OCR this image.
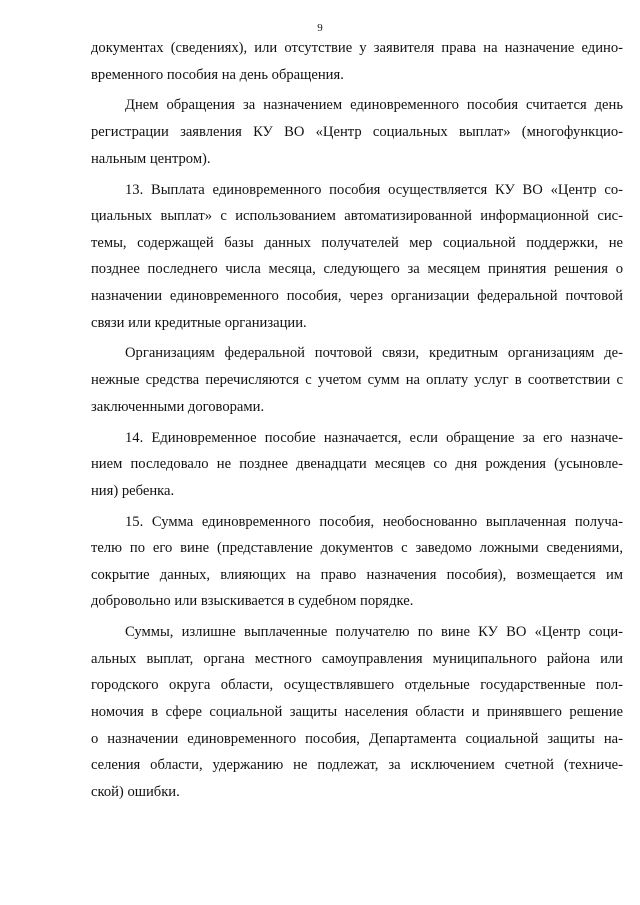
9
документах (сведениях), или отсутствие у заявителя права на назначение едино-
временного пособия на день обращения.
Днем обращения за назначением единовременного пособия считается день
регистрации заявления КУ ВО «Центр социальных выплат» (многофункцио-
нальным центром).
13. Выплата единовременного пособия осуществляется КУ ВО «Центр со-
циальных выплат» с использованием автоматизированной информационной сис-
темы, содержащей базы данных получателей мер социальной поддержки, не
позднее последнего числа месяца, следующего за месяцем принятия решения о
назначении единовременного пособия, через организации федеральной почтовой
связи или кредитные организации.
Организациям федеральной почтовой связи, кредитным организациям де-
нежные средства перечисляются с учетом сумм на оплату услуг в соответствии с
заключенными договорами.
14. Единовременное пособие назначается, если обращение за его назначе-
нием последовало не позднее двенадцати месяцев со дня рождения (усыновле-
ния) ребенка.
15. Сумма единовременного пособия, необоснованно выплаченная получа-
телю по его вине (представление документов с заведомо ложными сведениями,
сокрытие данных, влияющих на право назначения пособия), возмещается им
добровольно или взыскивается в судебном порядке.
Суммы, излишне выплаченные получателю по вине КУ ВО «Центр соци-
альных выплат, органа местного самоуправления муниципального района или
городского округа области, осуществлявшего отдельные государственные пол-
номочия в сфере социальной защиты населения области и принявшего решение
о назначении единовременного пособия, Департамента социальной защиты на-
селения области, удержанию не подлежат, за исключением счетной (техниче-
ской) ошибки.
